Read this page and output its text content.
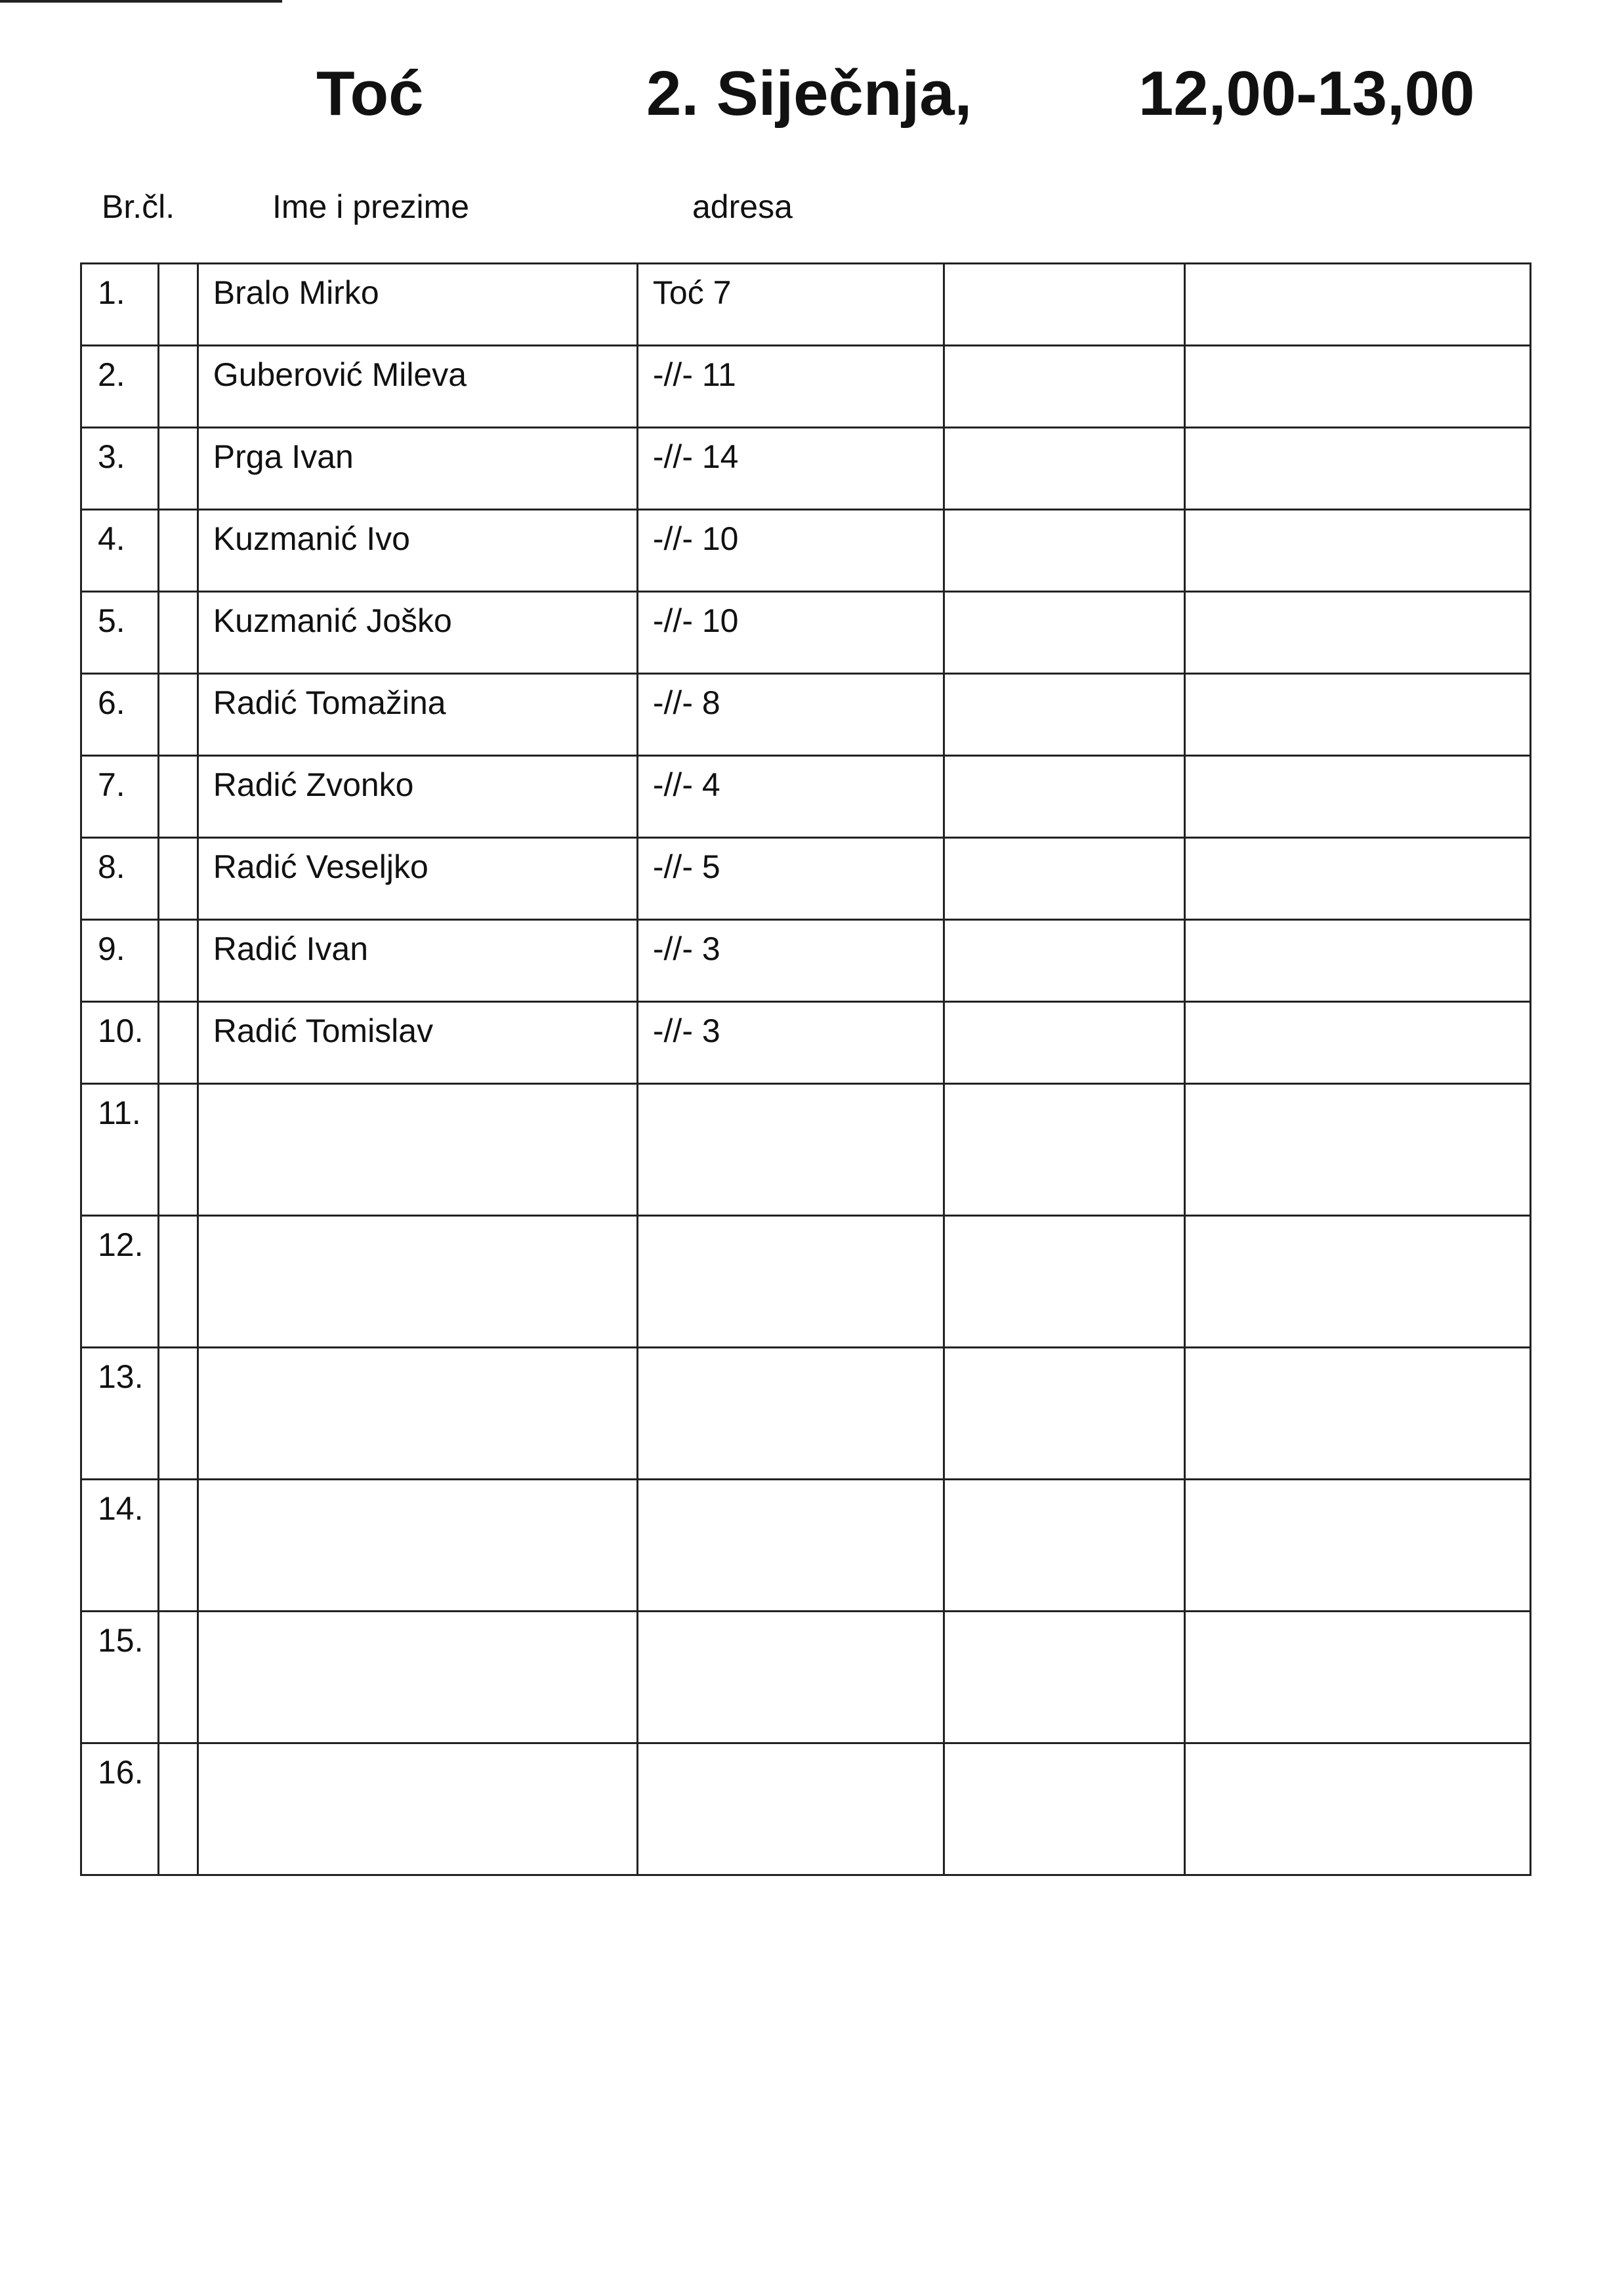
Toć	2. Siječnja,	12,00-13,00
Br.čl.	Ime i prezime	adresa
1.	Bralo Mirko	Toć 7
2.	Guberović Mileva	-//- 11
3.	Prga Ivan	-//- 14
4.	Kuzmanić Ivo	-//- 10
5.	Kuzmanić Joško	-//- 10
6.	Radić Tomažina	-//- 8
7.	Radić Zvonko	-//- 4
8.	Radić Veseljko	-//- 5
9.	Radić Ivan	-//- 3
10.	Radić Tomislav	-//- 3
11.
12.
13.
14.
15.
16.
